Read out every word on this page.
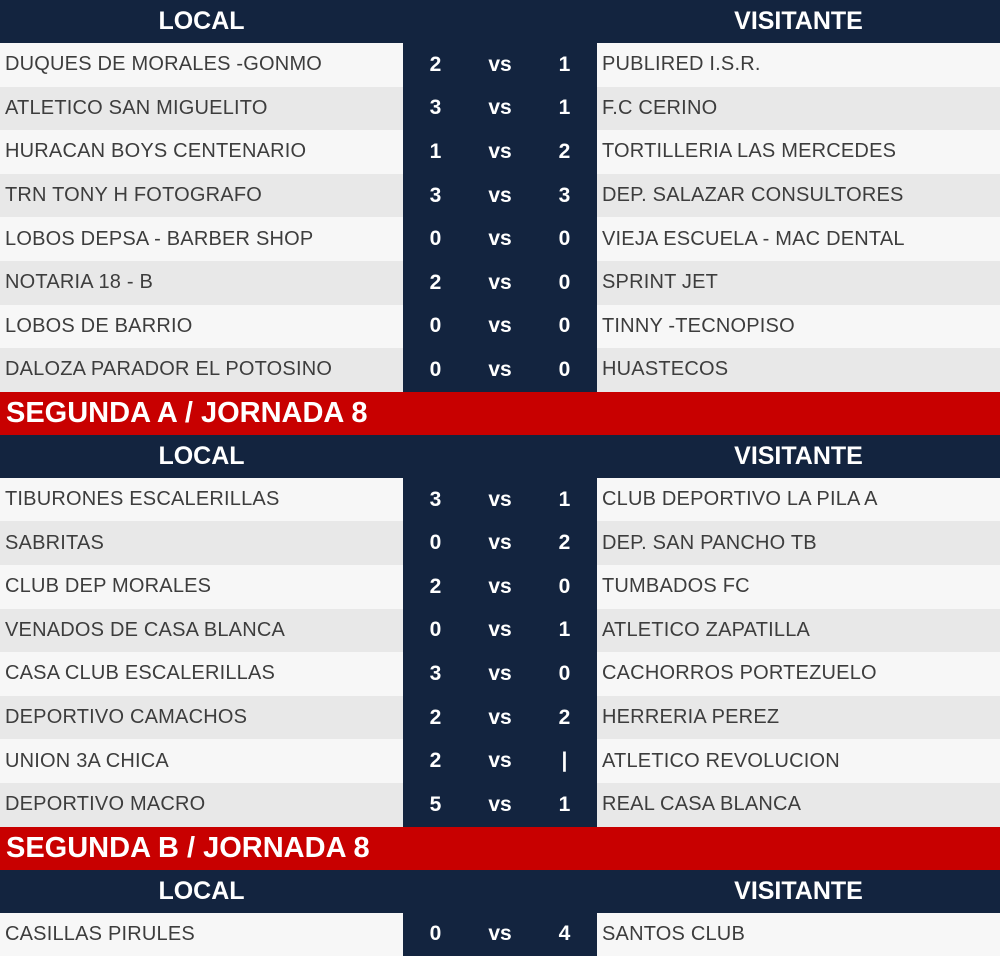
LOCAL	VISITANTE
DUQUES DE MORALES -GONMO	2	vs	1	PUBLIRED I.S.R.
ATLETICO SAN MIGUELITO	3	vs	1	F.C CERINO
HURACAN BOYS CENTENARIO	1	vs	2	TORTILLERIA LAS MERCEDES
TRN TONY H FOTOGRAFO	3	vs	3	DEP. SALAZAR CONSULTORES
LOBOS DEPSA - BARBER SHOP	0	vs	0	VIEJA ESCUELA - MAC DENTAL
NOTARIA 18 - B	2	vs	0	SPRINT JET
LOBOS DE BARRIO	0	vs	0	TINNY -TECNOPISO
DALOZA PARADOR EL POTOSINO	0	vs	0	HUASTECOS
SEGUNDA A / JORNADA 8
LOCAL	VISITANTE
TIBURONES ESCALERILLAS	3	vs	1	CLUB DEPORTIVO LA PILA A
SABRITAS	0	vs	2	DEP. SAN PANCHO TB
CLUB DEP MORALES	2	vs	0	TUMBADOS FC
VENADOS DE CASA BLANCA	0	vs	1	ATLETICO ZAPATILLA
CASA CLUB ESCALERILLAS	3	vs	0	CACHORROS PORTEZUELO
DEPORTIVO CAMACHOS	2	vs	2	HERRERIA PEREZ
UNION 3A CHICA	2	vs	|	ATLETICO REVOLUCION
DEPORTIVO MACRO	5	vs	1	REAL CASA BLANCA
SEGUNDA B / JORNADA 8
LOCAL	VISITANTE
CASILLAS PIRULES	0	vs	4	SANTOS CLUB
